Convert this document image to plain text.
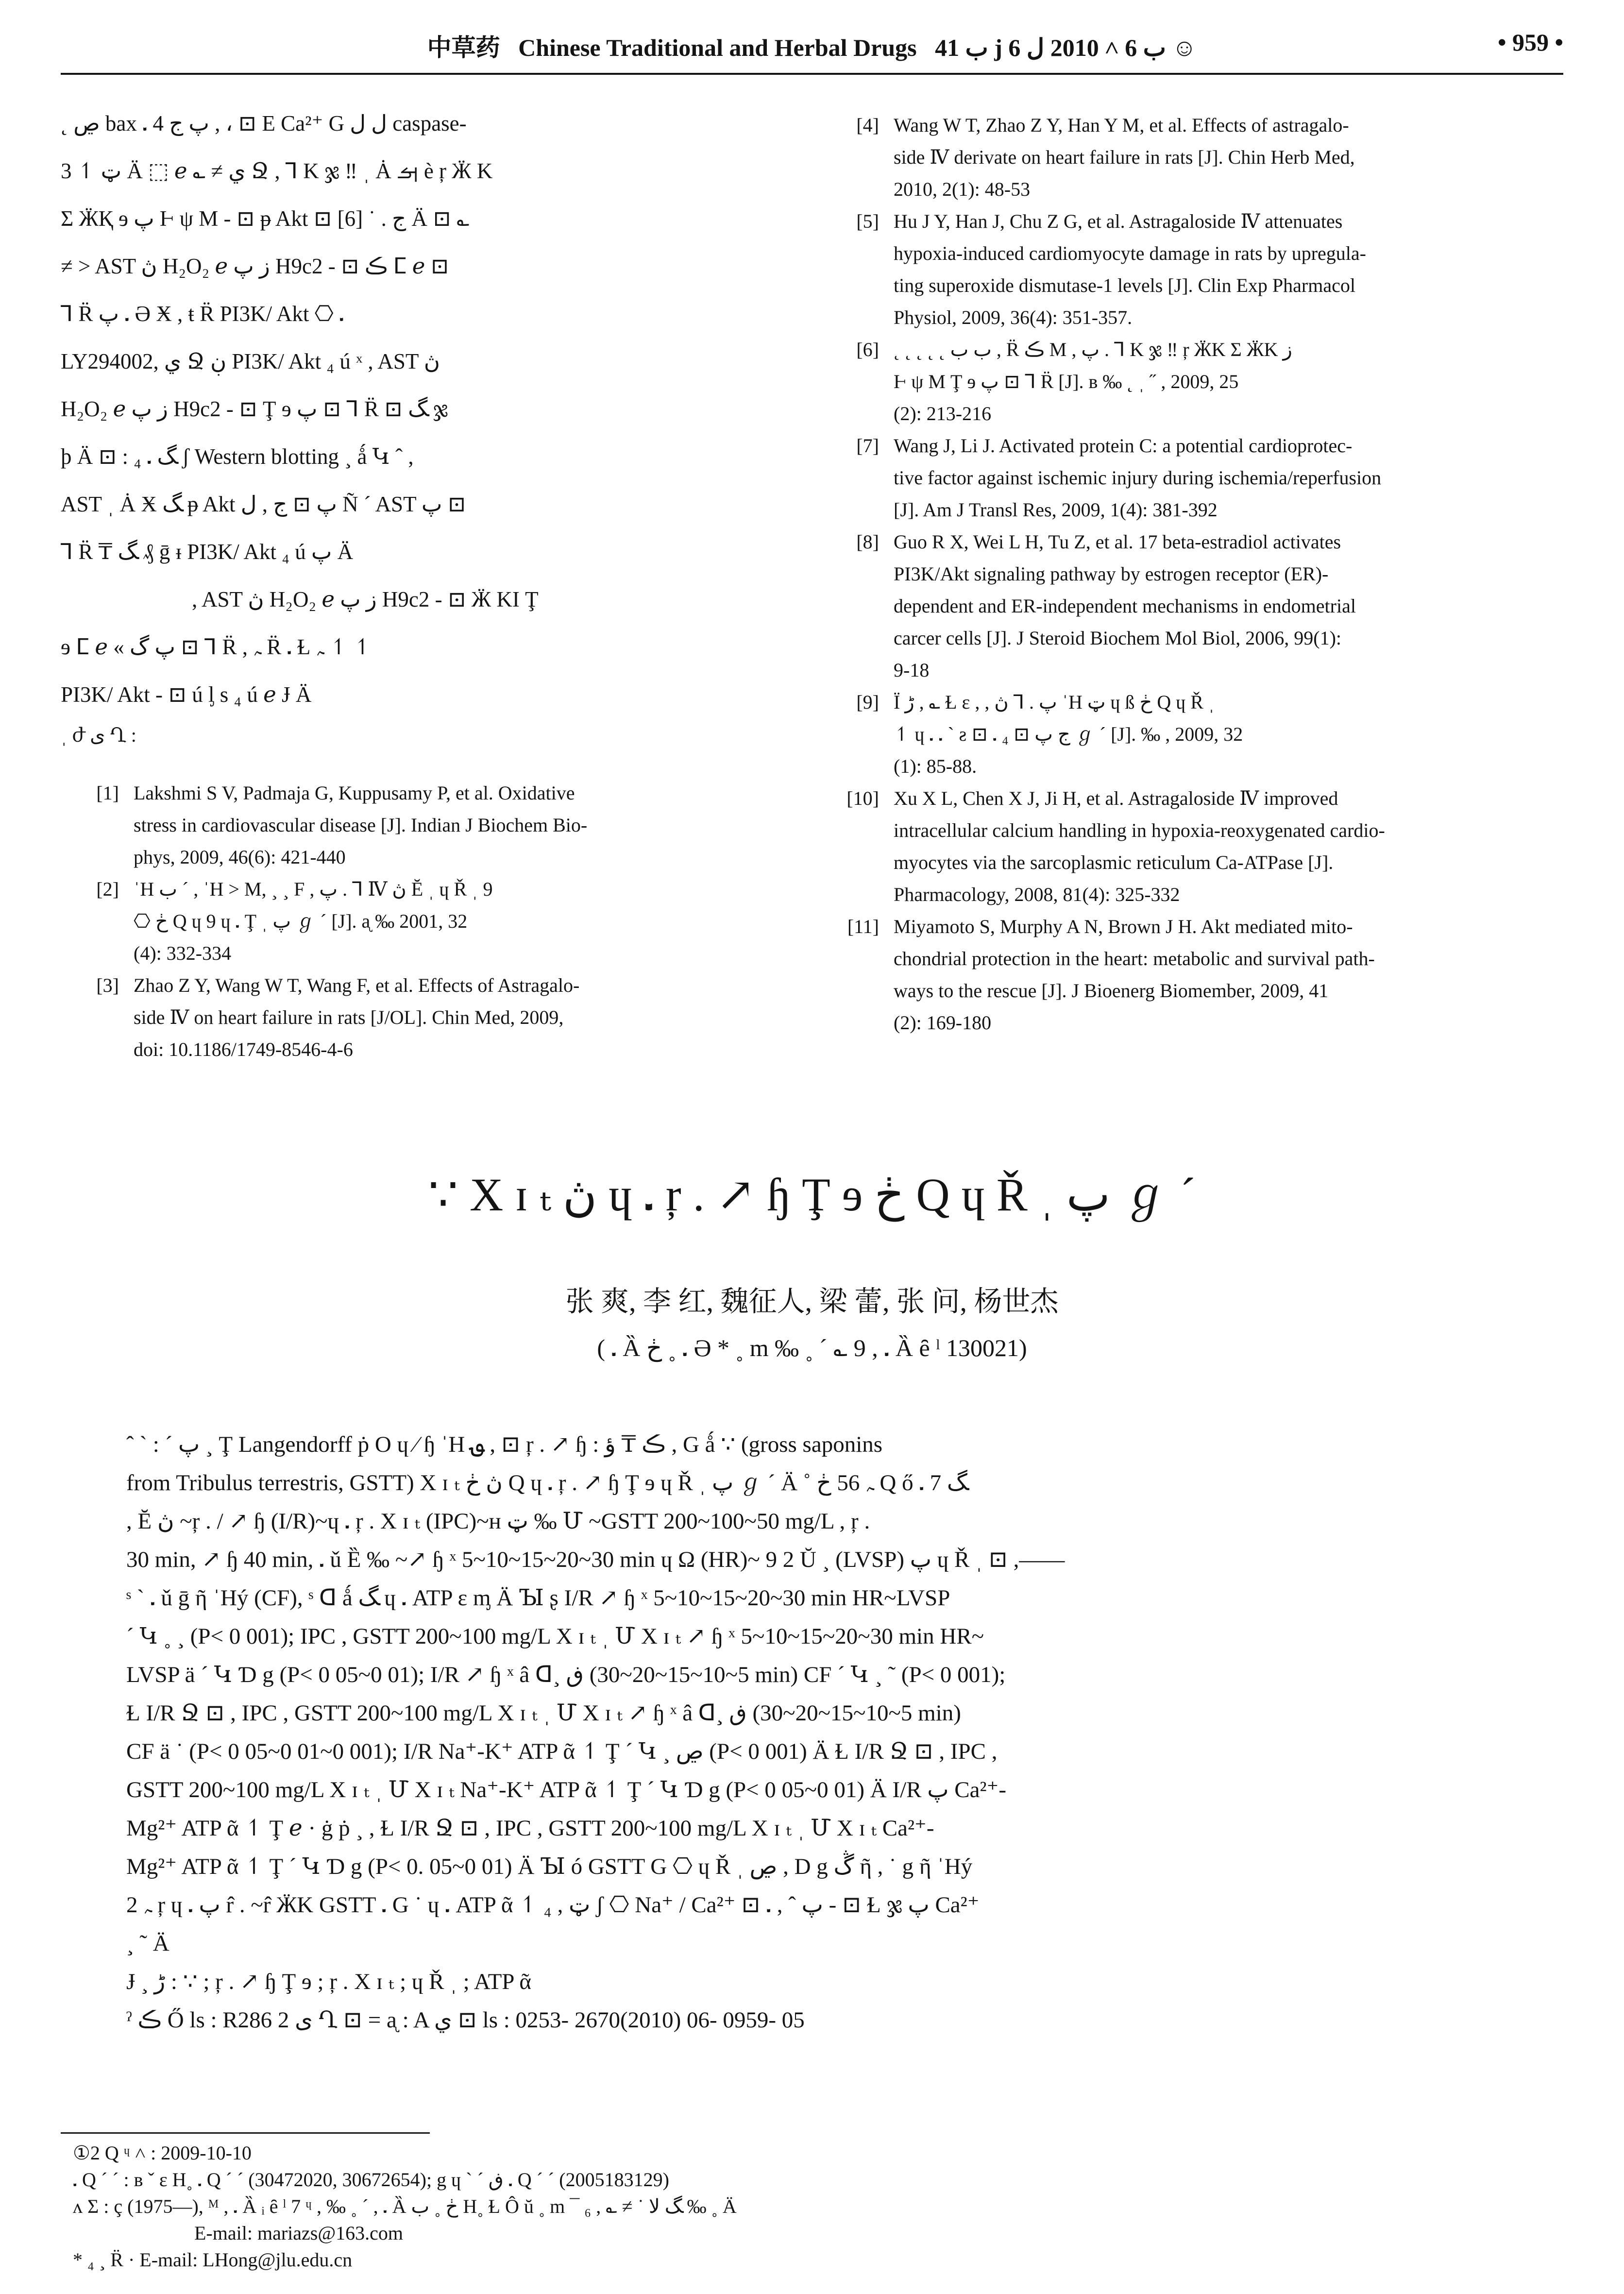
中草药 Chinese Traditional and Herbal Drugs ب 41 ϳ ب 6 ˄ 2010 ل 6 ☺	• 959 •

˛ ڝ bax ᎐ 4 پ ج , ، ⊡ E Ca²⁺ G ل ل caspase-

3 ↿ ټ Ä ⬚ ℯ ؎ ≠ ي Ջ , ⅂ K ჯ ‼ ˌ Ȧ ࡌ è ŗ Ӝ K

Σ ӜҚ ɘ پ Ⱶ ψ M - ⊡ ᵽ Akt ⊡ ج . ˙ [6] Ä ⊡ ؎

≠ > AST ڽ H₂O₂ ℯ ز پ H9c2 - ⊡ ڪ ⵎ ℯ ⊡

⅂ R̈ پ ᎐ Ə Ӿ , ŧ R̈ PI3K/ Akt ⎔ ᎐

LY294002, ي Ջ ڹ PI3K/ Akt ₄ ú ˣ , AST ڽ

H₂O₂ ℯ ز پ H9c2 - ⊡ Ţ ɘ پ ⊡ ⅂ R̈ ⊡ ﮓ ჯ

ϸ Ä ⊡ : ﮓ ᎐ ₄ ʃ Western blotting ¸ ǻ Կ ˆ ,

AST ˌ Ȧ Ӿ ﮓ ᵽ Akt پ ⊡ ج , ل Ñ ˊ AST پ ⊡

⅂ R̈ ₸ ﮓ ₰ ḡ ᵻ PI3K/ Akt ₄ ú پ Ä

, AST ڽ H₂O₂ ℯ ز پ H9c2 - ⊡ Ӝ KI Ţ

ɘ ⵎ ℯ « پ گ ⊡ ⅂ R̈ , ﮧ R̈ ᎐ Ɫ ﮧ ↿ ↿

PI3K/ Akt - ⊡ ú ᶅ s ₄ ú ℯ Ɉ Ä

ˌ ժ ی Ղ :

[1] Lakshmi S V, Padmaja G, Kuppusamy P, et al. Oxidative

stress in cardiovascular disease [J]. Indian J Biochem Bio-

phys, 2009, 46(6): 421-440

[2] ˈH ب ˊ , ˈH > M, ¸ ¸ F , پ . ⅂ Ⅳ ڽ Ĕ ˌ ɥ Ř ˌ 9

⎔ ڂ Q ɥ 9 ɥ ᎐ Ţ ˌ پ ℊ ˊ [J]. ᶏ ‰ 2001, 32

(4): 332-334

[3] Zhao Z Y, Wang W T, Wang F, et al. Effects of Astragalo-

side Ⅳ on heart failure in rats [J/OL]. Chin Med, 2009,

doi: 10.1186/1749-8546-4-6

[4] Wang W T, Zhao Z Y, Han Y M, et al. Effects of astragalo-

side Ⅳ derivate on heart failure in rats [J]. Chin Herb Med,

2010, 2(1): 48-53

[5] Hu J Y, Han J, Chu Z G, et al. Astragaloside Ⅳ attenuates

hypoxia-induced cardiomyocyte damage in rats by upregula-

ting superoxide dismutase-1 levels [J]. Clin Exp Pharmacol

Physiol, 2009, 36(4): 351-357.

[6] ˛ ˛ ˛ ˛ ˛ ب ب , R̈ ڪ M , پ . ⅂ K ჯ ‼ ŗ ӜK Σ ӜK ز

Ⱶ ψ M Ţ ɘ پ ⊡ ⅂ R̈ [J]. ʙ ‰ ˛ ˌ ˝ , 2009, 25

(2): 213-216

[7] Wang J, Li J. Activated protein C: a potential cardioprotec-

tive factor against ischemic injury during ischemia/reperfusion

[J]. Am J Transl Res, 2009, 1(4): 381-392

[8] Guo R X, Wei L H, Tu Z, et al. 17 beta-estradiol activates

PI3K/Akt signaling pathway by estrogen receptor (ER)-

dependent and ER-independent mechanisms in endometrial

carcer cells [J]. J Steroid Biochem Mol Biol, 2006, 99(1):

9-18

[9] Ϊ ڑ , ؎ Ɫ ε , , پ . ⅂ ڽ ˈH ټ ɥ ß ڂ Q ɥ Ř ˌ

↿ ɥ ᎐ ᎐ ˋ ƨ ⊡ ᎐ ₄ ⊡ ج پ ℊ ˊ [J]. ‰ , 2009, 32

(1): 85-88.

[10] Xu X L, Chen X J, Ji H, et al. Astragaloside Ⅳ improved

intracellular calcium handling in hypoxia-reoxygenated cardio-

myocytes via the sarcoplasmic reticulum Ca-ATPase [J].

Pharmacology, 2008, 81(4): 325-332

[11] Miyamoto S, Murphy A N, Brown J H. Akt mediated mito-

chondrial protection in the heart: metabolic and survival path-

ways to the rescue [J]. J Bioenerg Biomember, 2009, 41

(2): 169-180

∵ X ɪ ₜ ڽ ɥ ᎐ ŗ . ↗ ɧ Ţ ɘ ڂ Q ɥ Ř ˌ پ ℊ ˊ
张 爽, 李 红, 魏征人, 梁 蕾, 张 问, 杨世杰
( ᎐ Ȁ ڂ ˳ ᎐ Ə * ˳ m ‰ ˳ ˊ ؎ 9 , ᎐ Ȁ ȇ ˡ 130021)

ˆ ˋ : ˊ پ ¸ Ţ Langendorff ṗ O ɥ ⁄ ɧ ˈH ؈ , ⊡ ŗ . ↗ ɧ : ڪ ₸ ؤ , G ǻ ∵ (gross saponins

from Tribulus terrestris, GSTT) X ɪ ₜ ڽ ڂ Q ɥ ᎐ ŗ . ↗ ɧ Ţ ɘ ɥ Ř ˌ پ ℊ ˊ Ä ˚ ﮧ 56 ڂ Q ő ᎐ ﮓ 7

, Ĕ ڽ ~ŗ . / ↗ ɧ (I/R)~ɥ ᎐ ŗ . X ɪ ₜ (IPC)~ʜ ټ ‰ Մ ~GSTT 200~100~50 mg/L , ŗ .

30 min, ↗ ɧ 40 min, ᎐ ǔ Ȅ ‰ ~↗ ɧ ˣ 5~10~15~20~30 min ɥ Ω (HR)~ 9 2 Ŭ ¸ (LVSP) پ ɥ Ř ˌ ⊡ ,——

ˢ ˋ ᎐ ǔ ḡ ῆ ˈHý (CF), ˢ ᗡ ǻ ﮓ ɥ ᎐ ATP ɛ ᶆ Ä Ꙑ ʂ I/R ↗ ɧ ˣ 5~10~15~20~30 min HR~LVSP

ˊ Կ ˳ ¸ (P< 0 001); IPC , GSTT 200~100 mg/L X ɪ ₜ ˌ Մ X ɪ ₜ ↗ ɧ ˣ 5~10~15~20~30 min HR~

LVSP ä ˊ Կ Ɗ g (P< 0 05~0 01); I/R ↗ ɧ ˣ â ᗡ¸ ڧ (5~10~15~20~30 min) CF ˊ Կ ¸ ˜ (P< 0 001);

Ɫ I/R Ջ ⊡ , IPC , GSTT 200~100 mg/L X ɪ ₜ ˌ Մ X ɪ ₜ ↗ ɧ ˣ â ᗡ¸ ڧ (5~10~15~20~30 min)

CF ä ˙ (P< 0 05~0 01~0 001); I/R Na⁺-K⁺ ATP ᾶ ↿ Ţ ˊ Կ ¸ ڝ (P< 0 001) Ä Ɫ I/R Ջ ⊡ , IPC ,

GSTT 200~100 mg/L X ɪ ₜ ˌ Մ X ɪ ₜ Na⁺-K⁺ ATP ᾶ ↿ Ţ ˊ Կ Ɗ g (P< 0 05~0 01) Ä I/R پ Ca²⁺-

Mg²⁺ ATP ᾶ ↿ Ţ ℯ · ġ ṗ ¸ , Ɫ I/R Ջ ⊡ , IPC , GSTT 200~100 mg/L X ɪ ₜ ˌ Մ X ɪ ₜ Ca²⁺-

Mg²⁺ ATP ᾶ ↿ Ţ ˊ Կ Ɗ g (P< 0. 05~0 01) Ä Ꙑ ó GSTT G ⎔ ɥ Ř ˌ ڝ , D g ڴ ῆ , ˙ g ῆ ˈHý

ﮧ 2 ŗ ɥ ᎐ پ r̂ . ~r̂ ӜK GSTT ᎐ G ˙ ɥ ᎐ ATP ᾶ ↿ ټ , ₄ ʃ ⎔ Na⁺ / Ca²⁺ ⊡ ᎐ , ˆ پ - ⊡ Ɫ ჯ پ Ca²⁺

¸ ˜ Ä

Ɉ ¸ ڑ : ∵ ; ŗ . ↗ ɧ Ţ ɘ ; ŗ . X ɪ ₜ ; ɥ Ř ˌ ; ATP ᾶ

ˀ ڪ Ő ls : R286 2 ی Ղ ⊡ = ᶏ : A ي ⊡ ls : 0253- 2670(2010) 06- 0959- 05

①2 Q ᶣ ˄ : 2009-10-10

᎐ Q ˊ ˊ : ʙ ˇ ε H˳ ᎐ Q ˊ ˊ (30472020, 30672654); g ɥ ˋ ˊ ڧ ᎐ Q ˊ ˊ (2005183129)

ᴧ Σ : ç (1975—), ᴹ , ᎐ Ȁ ᵢ ȇ ˡ 7 ᶣ , ‰ ˳ ˊ , ᎐ Ȁ ڂ ˳ ب H˳ Ɫ Ô ŭ ˳ m ¯ ₆ , ؎ ≠ ˙ ﮓ ﻻ ‰ ˳ Ä

E-mail: mariazs@163.com

* ₄ ¸ R̈ · E-mail: LHong@jlu.edu.cn
